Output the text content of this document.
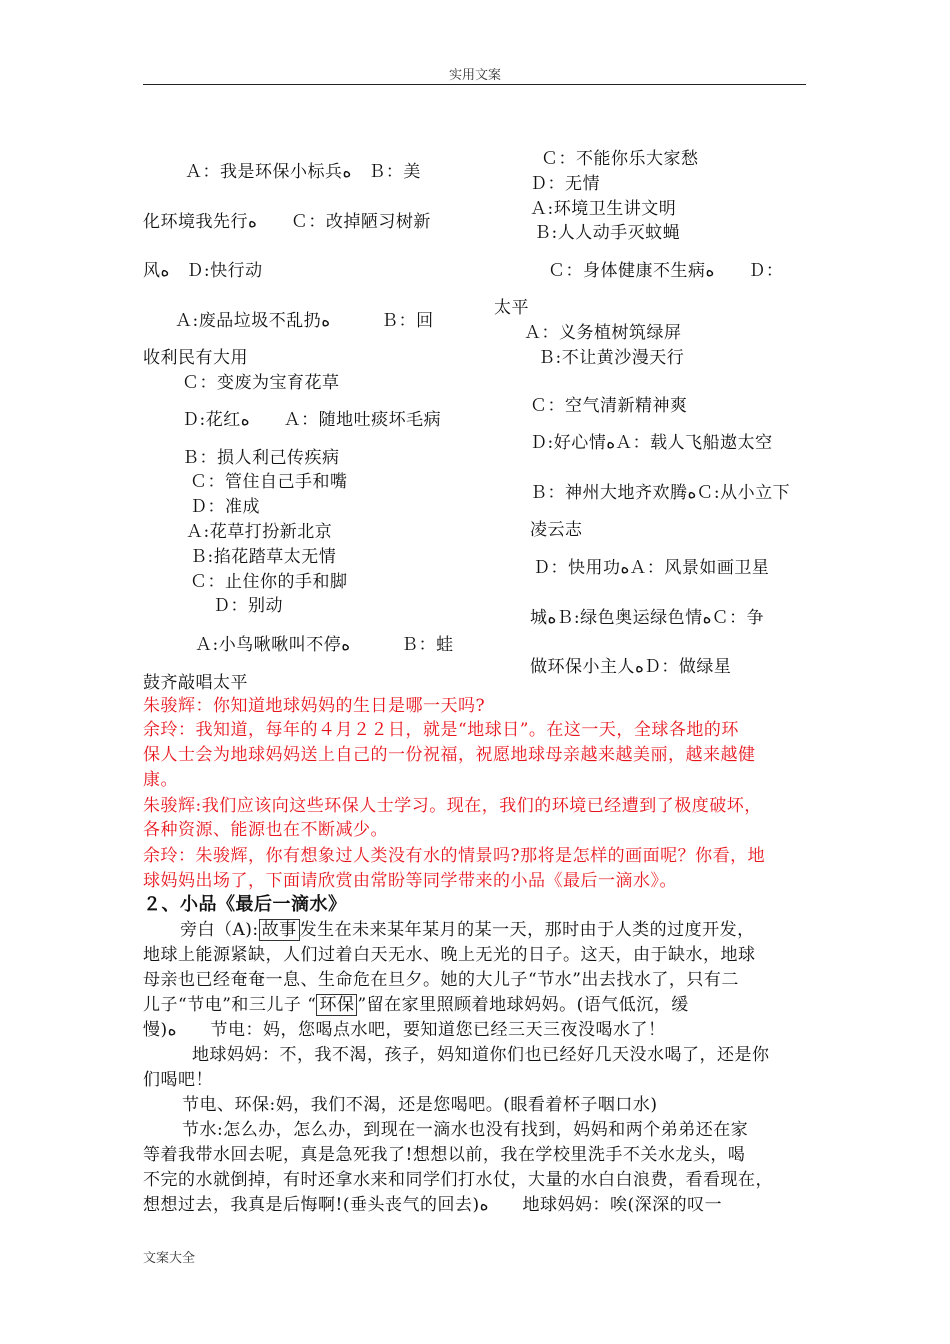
实用文案
Ａ：我是环保小标兵ﻩ　Ｂ：美
化环境我先行ﻩ　　Ｃ：改掉陋习树新
风ﻩ　Ｄ:快行动
Ａ:废品垃圾不乱扔ﻩ　　　Ｂ：回
收利民有大用
Ｃ：变废为宝育花草
Ｄ:花红ﻩ　　Ａ：随地吐痰坏毛病
Ｂ：损人利己传疾病
Ｃ：管住自己手和嘴
Ｄ：准成
Ａ:花草打扮新北京
Ｂ:掐花踏草太无情
Ｃ：止住你的手和脚
Ｄ：别动
Ａ:小鸟啾啾叫不停ﻩ　　　Ｂ：蛙
鼓齐敲唱太平
Ｃ：不能你乐大家愁
Ｄ：无情
Ａ:环境卫生讲文明
Ｂ:人人动手灭蚊蝇
Ｃ：身体健康不生病ﻩ　　Ｄ：
太平
Ａ：义务植树筑绿屏
Ｂ:不让黄沙漫天行
Ｃ：空气清新精神爽
Ｄ:好心情ﻩＡ：载人飞船遨太空
Ｂ：神州大地齐欢腾ﻩＣ:从小立下
凌云志
Ｄ：快用功ﻩＡ：风景如画卫星
城ﻩＢ:绿色奥运绿色情ﻩＣ：争
做环保小主人ﻩＤ：做绿星
朱骏辉：你知道地球妈妈的生日是哪一天吗?
余玲：我知道，每年的４月２２日，就是“地球日”。在这一天，全球各地的环
保人士会为地球妈妈送上自己的一份祝福，祝愿地球母亲越来越美丽，越来越健
康。
朱骏辉:我们应该向这些环保人士学习。现在，我们的环境已经遭到了极度破坏，
各种资源、能源也在不断减少。
余玲：朱骏辉，你有想象过人类没有水的情景吗?那将是怎样的画面呢？你看，地
球妈妈出场了，下面请欣赏由常盼等同学带来的小品《最后一滴水》。
２、小品《最后一滴水》
旁白（A): 故事 发生在未来某年某月的某一天，那时由于人类的过度开发，
地球上能源紧缺，人们过着白天无水、晚上无光的日子。这天，由于缺水，地球
母亲也已经奄奄一息、生命危在旦夕。她的大儿子“节水”出去找水了，只有二
儿子“节电”和三儿子 “ 环保 ”留在家里照顾着地球妈妈。(语气低沉，缓
慢)ﻩ　　节电：妈，您喝点水吧，要知道您已经三天三夜没喝水了！
地球妈妈：不，我不渴，孩子，妈知道你们也已经好几天没水喝了，还是你
们喝吧！
节电、环保:妈，我们不渴，还是您喝吧。(眼看着杯子咽口水)
节水:怎么办，怎么办，到现在一滴水也没有找到，妈妈和两个弟弟还在家
等着我带水回去呢，真是急死我了!想想以前，我在学校里洗手不关水龙头，喝
不完的水就倒掉，有时还拿水来和同学们打水仗，大量的水白白浪费，看看现在，
想想过去，我真是后悔啊!(垂头丧气的回去)ﻩ　　地球妈妈：唉(深深的叹一
文案大全
